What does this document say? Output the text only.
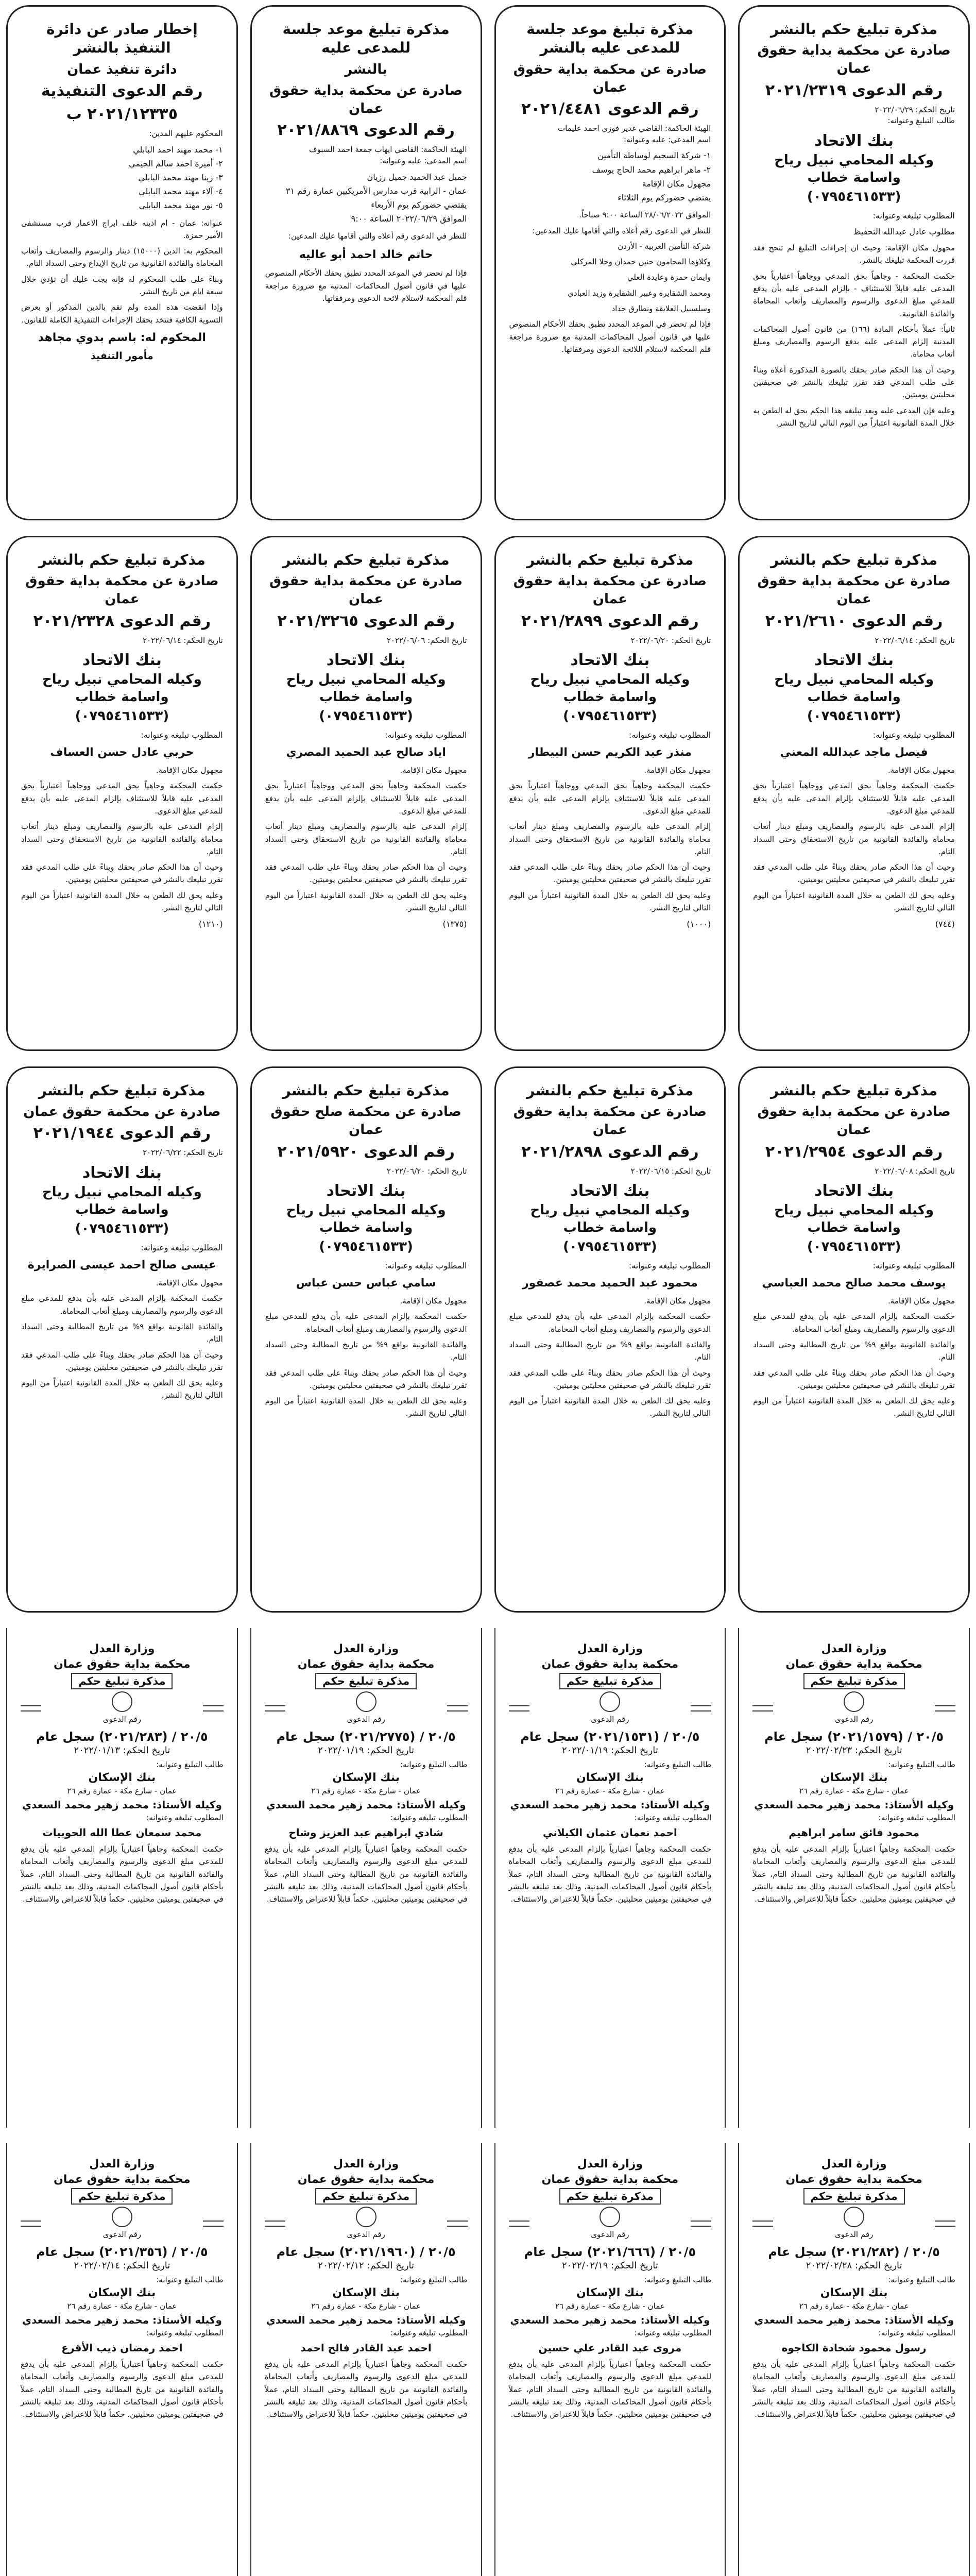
مذكرة تبليغ حكم بالنشر
صادرة عن محكمة بداية حقوق عمان
رقم الدعوى ٢٠٢١/٢٣١٩
تاريخ الحكم: ٢٠٢٢/٠٦/٢٩
طالب التبليغ وعنوانه:
بنك الاتحاد
وكيله المحامي نبيل رياح واسامة خطاب
(٠٧٩٥٤٦١٥٣٣)
المطلوب تبليغه وعنوانه:
مطلوب عادل عبدالله التحفيظ

مجهول مكان الإقامة: وحيث ان إجراءات التبليغ لم تنجح فقد قررت المحكمة تبليغك بالنشر.

حكمت المحكمة - وجاهياً بحق المدعي ووجاهياً اعتبارياً بحق المدعى عليه قابلاً للاستئناف - بإلزام المدعى عليه بأن يدفع للمدعي مبلغ الدعوى والرسوم والمصاريف وأتعاب المحاماة والفائدة القانونية.

ثانياً: عملاً بأحكام المادة (١٦٦) من قانون أصول المحاكمات المدنية إلزام المدعى عليه بدفع الرسوم والمصاريف ومبلغ أتعاب محاماة.

وحيث أن هذا الحكم صادر بحقك بالصورة المذكورة أعلاه وبناءً على طلب المدعي فقد تقرر تبليغك بالنشر في صحيفتين محليتين يوميتين.

وعليه فإن المدعى عليه وبعد تبليغه هذا الحكم يحق له الطعن به خلال المدة القانونية اعتباراً من اليوم التالي لتاريخ النشر.

مذكرة تبليغ موعد جلسة للمدعى عليه بالنشر
صادرة عن محكمة بداية حقوق عمان
رقم الدعوى ٢٠٢١/٤٤٨١
الهيئة الحاكمة: القاضي غدير فوزي احمد عليمات
اسم المدعي: عليه وعنوانه:
١- شركة السحيم لوساطة التأمين
٢- ماهر ابراهيم محمد الحاج يوسف
مجهول مكان الإقامة
يقتضي حضوركم يوم الثلاثاء

الموافق ٢٨/٠٦/٢٠٢٢ الساعة ٩:٠٠ صباحاً.

للنظر في الدعوى رقم أعلاه والتي أقامها عليك المدعين:

شركة التأمين العربية - الأردن

وكلاؤها المحامون حنين حمدان وحلا المركلي

وايمان حمزة وعايدة العلي

ومحمد الشقايرة وعبير الشقايرة وزيد العبادي

وسلسبيل العلايقة ونطارق حداد

فإذا لم تحضر في الموعد المحدد تطبق بحقك الأحكام المنصوص عليها في قانون أصول المحاكمات المدنية مع ضرورة مراجعة قلم المحكمة لاستلام اللائحة الدعوى ومرفقاتها.

مذكرة تبليغ موعد جلسة للمدعى عليه
بالنشر
صادرة عن محكمة بداية حقوق عمان
رقم الدعوى ٢٠٢١/٨٨٦٩
الهيئة الحاكمة: القاضي ايهاب جمعة احمد السبوف
اسم المدعى: عليه وعنوانه:
جميل عبد الحميد جميل رزيان
عمان - الرابية قرب مدارس الأمريكيين عمارة رقم ٣١
يقتضي حضوركم يوم الأربعاء
الموافق ٢٠٢٢/٠٦/٢٩ الساعة ٩:٠٠

للنظر في الدعوى رقم أعلاه والتي أقامها عليك المدعين:

حاتم خالد احمد أبو عاليه

فإذا لم تحضر في الموعد المحدد تطبق بحقك الأحكام المنصوص عليها في قانون أصول المحاكمات المدنية مع ضرورة مراجعة قلم المحكمة لاستلام لائحة الدعوى ومرفقاتها.

إخطار صادر عن دائرة التنفيذ بالنشر
دائرة تنفيذ عمان
رقم الدعوى التنفيذية
٢٠٢١/١٢٣٣٥ ب
المحكوم عليهم المدين:
١- محمد مهند احمد البابلي
٢- أميرة احمد سالم الحيمي
٣- زينا مهند محمد البابلي
٤- آلاء مهند محمد البابلي
٥- نور مهند محمد البابلي

عنوانه: عمان - ام اذينه خلف ابراج الاعمار قرب مستشفى الأمير حمزة.

المحكوم به: الدين (١٥٠٠٠) دينار والرسوم والمصاريف وأتعاب المحاماة والفائدة القانونية من تاريخ الإيداع وحتى السداد التام.

وبناءً على طلب المحكوم له فإنه يجب عليك أن تؤدي خلال سبعة ايام من تاريخ النشر.

وإذا انقضت هذه المدة ولم تقم بالدين المذكور أو بعرض التسوية الكافية فتتخذ بحقك الإجراءات التنفيذية الكاملة للقانون.

المحكوم له: باسم بدوي مجاهد
مأمور التنفيذ
مذكرة تبليغ حكم بالنشر
صادرة عن محكمة بداية حقوق عمان
رقم الدعوى ٢٠٢١/٢٦١٠
تاريخ الحكم: ٢٠٢٢/٠٦/١٤
بنك الاتحاد
وكيله المحامي نبيل رياح واسامة خطاب
(٠٧٩٥٤٦١٥٣٣)
المطلوب تبليغه وعنوانه:
فيصل ماجد عبدالله المعني

مجهول مكان الإقامة.

حكمت المحكمة وجاهياً بحق المدعي ووجاهياً اعتبارياً بحق المدعى عليه قابلاً للاستئناف بإلزام المدعى عليه بأن يدفع للمدعي مبلغ الدعوى.

إلزام المدعى عليه بالرسوم والمصاريف ومبلغ دينار أتعاب محاماة والفائدة القانونية من تاريخ الاستحقاق وحتى السداد التام.

وحيث أن هذا الحكم صادر بحقك وبناءً على طلب المدعي فقد تقرر تبليغك بالنشر في صحيفتين محليتين يوميتين.

وعليه يحق لك الطعن به خلال المدة القانونية اعتباراً من اليوم التالي لتاريخ النشر.

(٧٤٤)
مذكرة تبليغ حكم بالنشر
صادرة عن محكمة بداية حقوق عمان
رقم الدعوى ٢٠٢١/٢٨٩٩
تاريخ الحكم: ٢٠٢٢/٠٦/٢٠
بنك الاتحاد
وكيله المحامي نبيل رياح واسامة خطاب
(٠٧٩٥٤٦١٥٣٣)
المطلوب تبليغه وعنوانه:
منذر عبد الكريم حسن البيطار

مجهول مكان الإقامة.

حكمت المحكمة وجاهياً بحق المدعي ووجاهياً اعتبارياً بحق المدعى عليه قابلاً للاستئناف بإلزام المدعى عليه بأن يدفع للمدعي مبلغ الدعوى.

إلزام المدعى عليه بالرسوم والمصاريف ومبلغ دينار أتعاب محاماة والفائدة القانونية من تاريخ الاستحقاق وحتى السداد التام.

وحيث أن هذا الحكم صادر بحقك وبناءً على طلب المدعي فقد تقرر تبليغك بالنشر في صحيفتين محليتين يوميتين.

وعليه يحق لك الطعن به خلال المدة القانونية اعتباراً من اليوم التالي لتاريخ النشر.

(١٠٠٠)
مذكرة تبليغ حكم بالنشر
صادرة عن محكمة بداية حقوق عمان
رقم الدعوى ٢٠٢١/٣٢٦٥
تاريخ الحكم: ٢٠٢٢/٠٦/٠٦
بنك الاتحاد
وكيله المحامي نبيل رياح واسامة خطاب
(٠٧٩٥٤٦١٥٣٣)
المطلوب تبليغه وعنوانه:
اياد صالح عبد الحميد المصري

مجهول مكان الإقامة.

حكمت المحكمة وجاهياً بحق المدعي ووجاهياً اعتبارياً بحق المدعى عليه قابلاً للاستئناف بإلزام المدعى عليه بأن يدفع للمدعي مبلغ الدعوى.

إلزام المدعى عليه بالرسوم والمصاريف ومبلغ دينار أتعاب محاماة والفائدة القانونية من تاريخ الاستحقاق وحتى السداد التام.

وحيث أن هذا الحكم صادر بحقك وبناءً على طلب المدعي فقد تقرر تبليغك بالنشر في صحيفتين محليتين يوميتين.

وعليه يحق لك الطعن به خلال المدة القانونية اعتباراً من اليوم التالي لتاريخ النشر.

(١٣٧٥)
مذكرة تبليغ حكم بالنشر
صادرة عن محكمة بداية حقوق عمان
رقم الدعوى ٢٠٢١/٢٣٢٨
تاريخ الحكم: ٢٠٢٢/٠٦/١٤
بنك الاتحاد
وكيله المحامي نبيل رياح واسامة خطاب
(٠٧٩٥٤٦١٥٣٣)
المطلوب تبليغه وعنوانه:
حربي عادل حسن العساف

مجهول مكان الإقامة.

حكمت المحكمة وجاهياً بحق المدعي ووجاهياً اعتبارياً بحق المدعى عليه قابلاً للاستئناف بإلزام المدعى عليه بأن يدفع للمدعي مبلغ الدعوى.

إلزام المدعى عليه بالرسوم والمصاريف ومبلغ دينار أتعاب محاماة والفائدة القانونية من تاريخ الاستحقاق وحتى السداد التام.

وحيث أن هذا الحكم صادر بحقك وبناءً على طلب المدعي فقد تقرر تبليغك بالنشر في صحيفتين محليتين يوميتين.

وعليه يحق لك الطعن به خلال المدة القانونية اعتباراً من اليوم التالي لتاريخ النشر.

(١٢١٠)
مذكرة تبليغ حكم بالنشر
صادرة عن محكمة بداية حقوق عمان
رقم الدعوى ٢٠٢١/٢٩٥٤
تاريخ الحكم: ٢٠٢٢/٠٦/٠٨
بنك الاتحاد
وكيله المحامي نبيل رياح واسامة خطاب
(٠٧٩٥٤٦١٥٣٣)
المطلوب تبليغه وعنوانه:
يوسف محمد صالح محمد العباسي

مجهول مكان الإقامة.

حكمت المحكمة بإلزام المدعى عليه بأن يدفع للمدعي مبلغ الدعوى والرسوم والمصاريف ومبلغ أتعاب المحاماة.

والفائدة القانونية بواقع ٩% من تاريخ المطالبة وحتى السداد التام.

وحيث أن هذا الحكم صادر بحقك وبناءً على طلب المدعي فقد تقرر تبليغك بالنشر في صحيفتين محليتين يوميتين.

وعليه يحق لك الطعن به خلال المدة القانونية اعتباراً من اليوم التالي لتاريخ النشر.

مذكرة تبليغ حكم بالنشر
صادرة عن محكمة بداية حقوق عمان
رقم الدعوى ٢٠٢١/٢٨٩٨
تاريخ الحكم: ٢٠٢٢/٠٦/١٥
بنك الاتحاد
وكيله المحامي نبيل رياح واسامة خطاب
(٠٧٩٥٤٦١٥٣٣)
المطلوب تبليغه وعنوانه:
محمود عبد الحميد محمد عصفور

مجهول مكان الإقامة.

حكمت المحكمة بإلزام المدعى عليه بأن يدفع للمدعي مبلغ الدعوى والرسوم والمصاريف ومبلغ أتعاب المحاماة.

والفائدة القانونية بواقع ٩% من تاريخ المطالبة وحتى السداد التام.

وحيث أن هذا الحكم صادر بحقك وبناءً على طلب المدعي فقد تقرر تبليغك بالنشر في صحيفتين محليتين يوميتين.

وعليه يحق لك الطعن به خلال المدة القانونية اعتباراً من اليوم التالي لتاريخ النشر.

مذكرة تبليغ حكم بالنشر
صادرة عن محكمة صلح حقوق عمان
رقم الدعوى ٢٠٢١/٥٩٢٠
تاريخ الحكم: ٢٠٢٢/٠٦/٢٠
بنك الاتحاد
وكيله المحامي نبيل رياح واسامة خطاب
(٠٧٩٥٤٦١٥٣٣)
المطلوب تبليغه وعنوانه:
سامي عباس حسن عباس

مجهول مكان الإقامة.

حكمت المحكمة بإلزام المدعى عليه بأن يدفع للمدعي مبلغ الدعوى والرسوم والمصاريف ومبلغ أتعاب المحاماة.

والفائدة القانونية بواقع ٩% من تاريخ المطالبة وحتى السداد التام.

وحيث أن هذا الحكم صادر بحقك وبناءً على طلب المدعي فقد تقرر تبليغك بالنشر في صحيفتين محليتين يوميتين.

وعليه يحق لك الطعن به خلال المدة القانونية اعتباراً من اليوم التالي لتاريخ النشر.

مذكرة تبليغ حكم بالنشر
صادرة عن محكمة حقوق عمان
رقم الدعوى ٢٠٢١/١٩٤٤
تاريخ الحكم: ٢٠٢٢/٠٦/٢٢
بنك الاتحاد
وكيله المحامي نبيل رياح واسامة خطاب
(٠٧٩٥٤٦١٥٣٣)
المطلوب تبليغه وعنوانه:
عيسى صالح احمد عيسى الصرايرة

مجهول مكان الإقامة.

حكمت المحكمة بإلزام المدعى عليه بأن يدفع للمدعي مبلغ الدعوى والرسوم والمصاريف ومبلغ أتعاب المحاماة.

والفائدة القانونية بواقع ٩% من تاريخ المطالبة وحتى السداد التام.

وحيث أن هذا الحكم صادر بحقك وبناءً على طلب المدعي فقد تقرر تبليغك بالنشر في صحيفتين محليتين يوميتين.

وعليه يحق لك الطعن به خلال المدة القانونية اعتباراً من اليوم التالي لتاريخ النشر.

وزارة العدل
محكمة بداية حقوق عمان
مذكرة تبليغ حكم
رقم الدعوى
٢٠/٥ / (٢٠٢١/١٥٧٩) سجل عام
تاريخ الحكم: ٢٠٢٢/٠٢/٢٣
طالب التبليغ وعنوانه:
بنك الإسكان
عمان - شارع مكة - عمارة رقم ٢٦
وكيله الأستاذ: محمد زهير محمد السعدي
المطلوب تبليغه وعنوانه:
محمود فائق سامر ابراهيم

حكمت المحكمة وجاهياً اعتبارياً بإلزام المدعى عليه بأن يدفع للمدعي مبلغ الدعوى والرسوم والمصاريف وأتعاب المحاماة والفائدة القانونية من تاريخ المطالبة وحتى السداد التام، عملاً بأحكام قانون أصول المحاكمات المدنية، وذلك بعد تبليغه بالنشر في صحيفتين يوميتين محليتين. حكماً قابلاً للاعتراض والاستئناف.

وزارة العدل
محكمة بداية حقوق عمان
مذكرة تبليغ حكم
رقم الدعوى
٢٠/٥ / (٢٠٢١/١٥٣١) سجل عام
تاريخ الحكم: ٢٠٢٢/٠١/١٩
طالب التبليغ وعنوانه:
بنك الإسكان
عمان - شارع مكة - عمارة رقم ٢٦
وكيله الأستاذ: محمد زهير محمد السعدي
المطلوب تبليغه وعنوانه:
احمد نعمان عثمان الكيلاني

حكمت المحكمة وجاهياً اعتبارياً بإلزام المدعى عليه بأن يدفع للمدعي مبلغ الدعوى والرسوم والمصاريف وأتعاب المحاماة والفائدة القانونية من تاريخ المطالبة وحتى السداد التام، عملاً بأحكام قانون أصول المحاكمات المدنية، وذلك بعد تبليغه بالنشر في صحيفتين يوميتين محليتين. حكماً قابلاً للاعتراض والاستئناف.

وزارة العدل
محكمة بداية حقوق عمان
مذكرة تبليغ حكم
رقم الدعوى
٢٠/٥ / (٢٠٢١/٢٧٧٥) سجل عام
تاريخ الحكم: ٢٠٢٢/٠١/١٩
طالب التبليغ وعنوانه:
بنك الإسكان
عمان - شارع مكة - عمارة رقم ٢٦
وكيله الأستاذ: محمد زهير محمد السعدي
المطلوب تبليغه وعنوانه:
شادي ابراهيم عبد العزيز وشاح

حكمت المحكمة وجاهياً اعتبارياً بإلزام المدعى عليه بأن يدفع للمدعي مبلغ الدعوى والرسوم والمصاريف وأتعاب المحاماة والفائدة القانونية من تاريخ المطالبة وحتى السداد التام، عملاً بأحكام قانون أصول المحاكمات المدنية، وذلك بعد تبليغه بالنشر في صحيفتين يوميتين محليتين. حكماً قابلاً للاعتراض والاستئناف.

وزارة العدل
محكمة بداية حقوق عمان
مذكرة تبليغ حكم
رقم الدعوى
٢٠/٥ / (٢٠٢١/٢٨٣) سجل عام
تاريخ الحكم: ٢٠٢٢/٠١/١٣
طالب التبليغ وعنوانه:
بنك الإسكان
عمان - شارع مكة - عمارة رقم ٢٦
وكيله الأستاذ: محمد زهير محمد السعدي
المطلوب تبليغه وعنوانه:
محمد سمعان عطا الله الحوبيات

حكمت المحكمة وجاهياً اعتبارياً بإلزام المدعى عليه بأن يدفع للمدعي مبلغ الدعوى والرسوم والمصاريف وأتعاب المحاماة والفائدة القانونية من تاريخ المطالبة وحتى السداد التام، عملاً بأحكام قانون أصول المحاكمات المدنية، وذلك بعد تبليغه بالنشر في صحيفتين يوميتين محليتين. حكماً قابلاً للاعتراض والاستئناف.

وزارة العدل
محكمة بداية حقوق عمان
مذكرة تبليغ حكم
رقم الدعوى
٢٠/٥ / (٢٠٢١/٢٨٢) سجل عام
تاريخ الحكم: ٢٠٢٢/٠٢/٢٨
طالب التبليغ وعنوانه:
بنك الإسكان
عمان - شارع مكة - عمارة رقم ٢٦
وكيله الأستاذ: محمد زهير محمد السعدي
المطلوب تبليغه وعنوانه:
رسول محمود شحادة الكاجوه

حكمت المحكمة وجاهياً اعتبارياً بإلزام المدعى عليه بأن يدفع للمدعي مبلغ الدعوى والرسوم والمصاريف وأتعاب المحاماة والفائدة القانونية من تاريخ المطالبة وحتى السداد التام، عملاً بأحكام قانون أصول المحاكمات المدنية، وذلك بعد تبليغه بالنشر في صحيفتين يوميتين محليتين. حكماً قابلاً للاعتراض والاستئناف.

وزارة العدل
محكمة بداية حقوق عمان
مذكرة تبليغ حكم
رقم الدعوى
٢٠/٥ / (٢٠٢١/٦٦٦) سجل عام
تاريخ الحكم: ٢٠٢٢/٠٢/١٩
طالب التبليغ وعنوانه:
بنك الإسكان
عمان - شارع مكة - عمارة رقم ٢٦
وكيله الأستاذ: محمد زهير محمد السعدي
المطلوب تبليغه وعنوانه:
مروى عبد القادر علي حسين

حكمت المحكمة وجاهياً اعتبارياً بإلزام المدعى عليه بأن يدفع للمدعي مبلغ الدعوى والرسوم والمصاريف وأتعاب المحاماة والفائدة القانونية من تاريخ المطالبة وحتى السداد التام، عملاً بأحكام قانون أصول المحاكمات المدنية، وذلك بعد تبليغه بالنشر في صحيفتين يوميتين محليتين. حكماً قابلاً للاعتراض والاستئناف.

وزارة العدل
محكمة بداية حقوق عمان
مذكرة تبليغ حكم
رقم الدعوى
٢٠/٥ / (٢٠٢١/١٩٦٠) سجل عام
تاريخ الحكم: ٢٠٢٢/٠٢/١٢
طالب التبليغ وعنوانه:
بنك الإسكان
عمان - شارع مكة - عمارة رقم ٢٦
وكيله الأستاذ: محمد زهير محمد السعدي
المطلوب تبليغه وعنوانه:
احمد عبد القادر فالح احمد

حكمت المحكمة وجاهياً اعتبارياً بإلزام المدعى عليه بأن يدفع للمدعي مبلغ الدعوى والرسوم والمصاريف وأتعاب المحاماة والفائدة القانونية من تاريخ المطالبة وحتى السداد التام، عملاً بأحكام قانون أصول المحاكمات المدنية، وذلك بعد تبليغه بالنشر في صحيفتين يوميتين محليتين. حكماً قابلاً للاعتراض والاستئناف.

وزارة العدل
محكمة بداية حقوق عمان
مذكرة تبليغ حكم
رقم الدعوى
٢٠/٥ / (٢٠٢١/٣٥٦) سجل عام
تاريخ الحكم: ٢٠٢٢/٠٢/١٤
طالب التبليغ وعنوانه:
بنك الإسكان
عمان - شارع مكة - عمارة رقم ٢٦
وكيله الأستاذ: محمد زهير محمد السعدي
المطلوب تبليغه وعنوانه:
احمد رمضان ذيب الأقرع

حكمت المحكمة وجاهياً اعتبارياً بإلزام المدعى عليه بأن يدفع للمدعي مبلغ الدعوى والرسوم والمصاريف وأتعاب المحاماة والفائدة القانونية من تاريخ المطالبة وحتى السداد التام، عملاً بأحكام قانون أصول المحاكمات المدنية، وذلك بعد تبليغه بالنشر في صحيفتين يوميتين محليتين. حكماً قابلاً للاعتراض والاستئناف.
